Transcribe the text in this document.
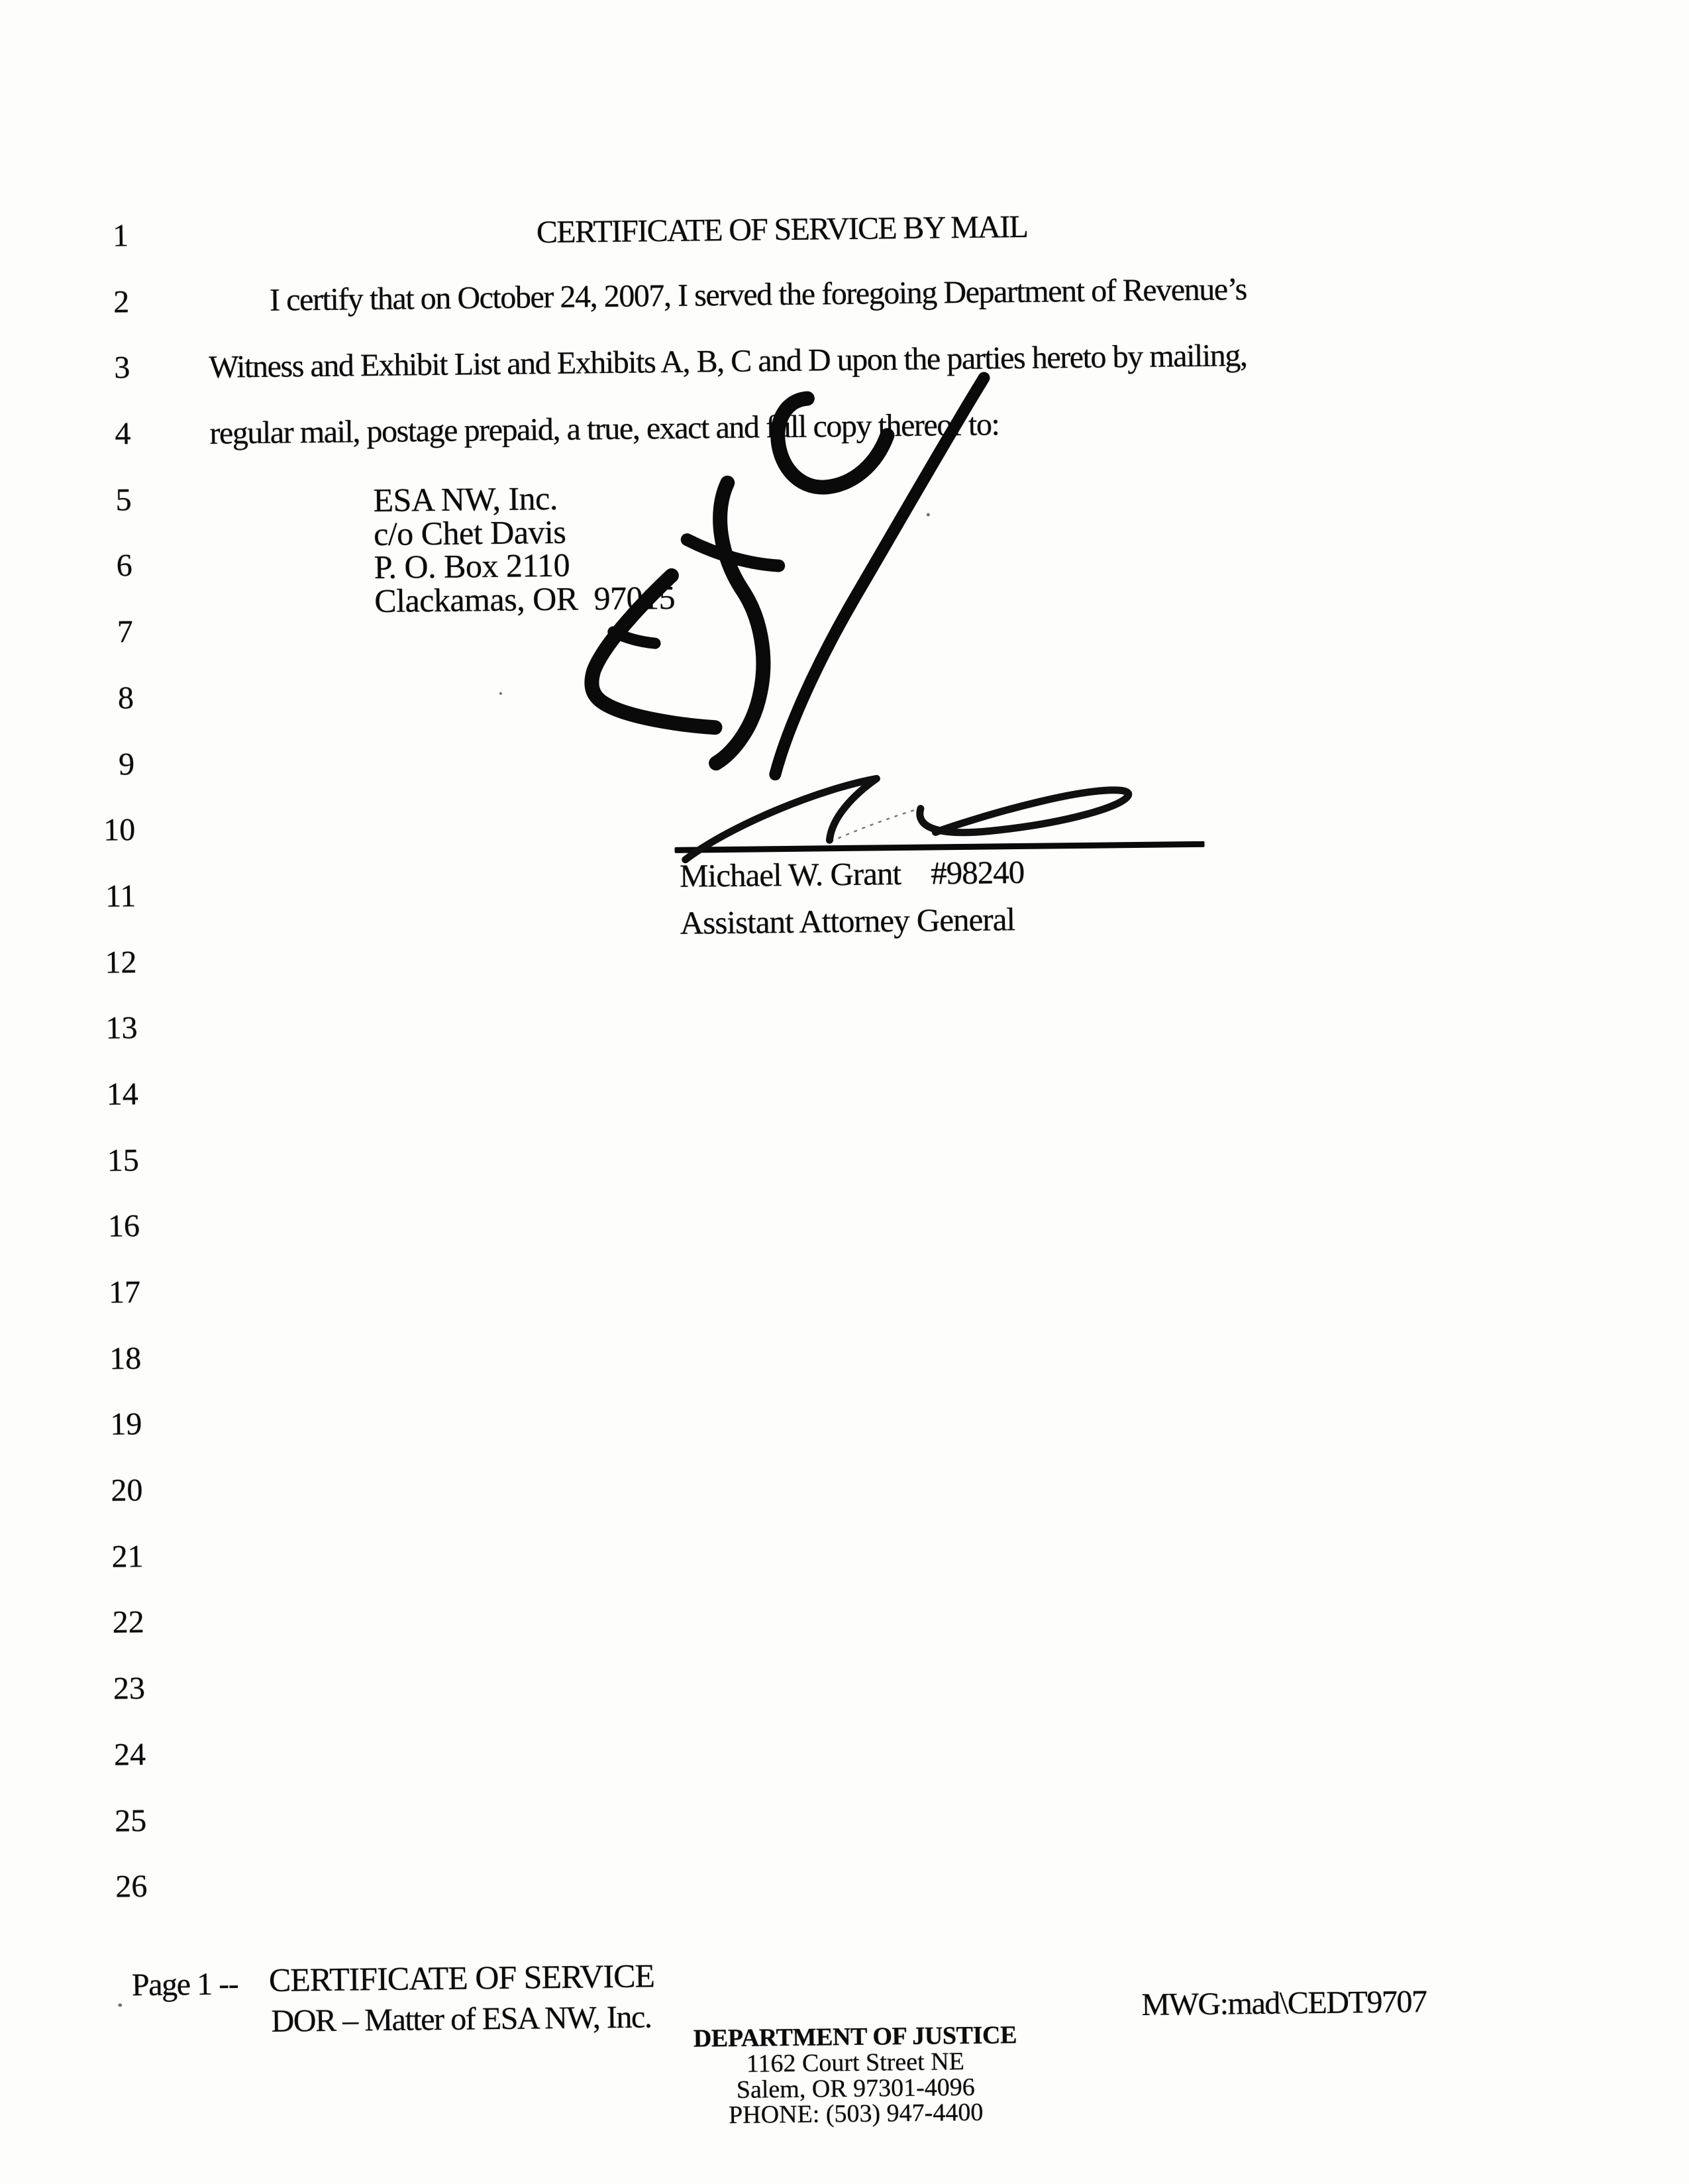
1
2
3
4
5
6
7
8
9
10
11
12
13
14
15
16
17
18
19
20
21
22
23
24
25
26
CERTIFICATE OF SERVICE BY MAIL
I certify that on October 24, 2007, I served the foregoing Department of Revenue’s
Witness and Exhibit List and Exhibits A, B, C and D upon the parties hereto by mailing,
regular mail, postage prepaid, a true, exact and full copy thereof to:
ESA NW, Inc.
c/o Chet Davis
P. O. Box 2110
Clackamas, OR  97015
Michael W. Grant    #98240
Assistant Attorney General
Page 1 -- CERTIFICATE OF SERVICE
DOR – Matter of ESA NW, Inc.	MWG:mad\CEDT9707
DEPARTMENT OF JUSTICE
1162 Court Street NE
Salem, OR 97301-4096
PHONE: (503) 947-4400
